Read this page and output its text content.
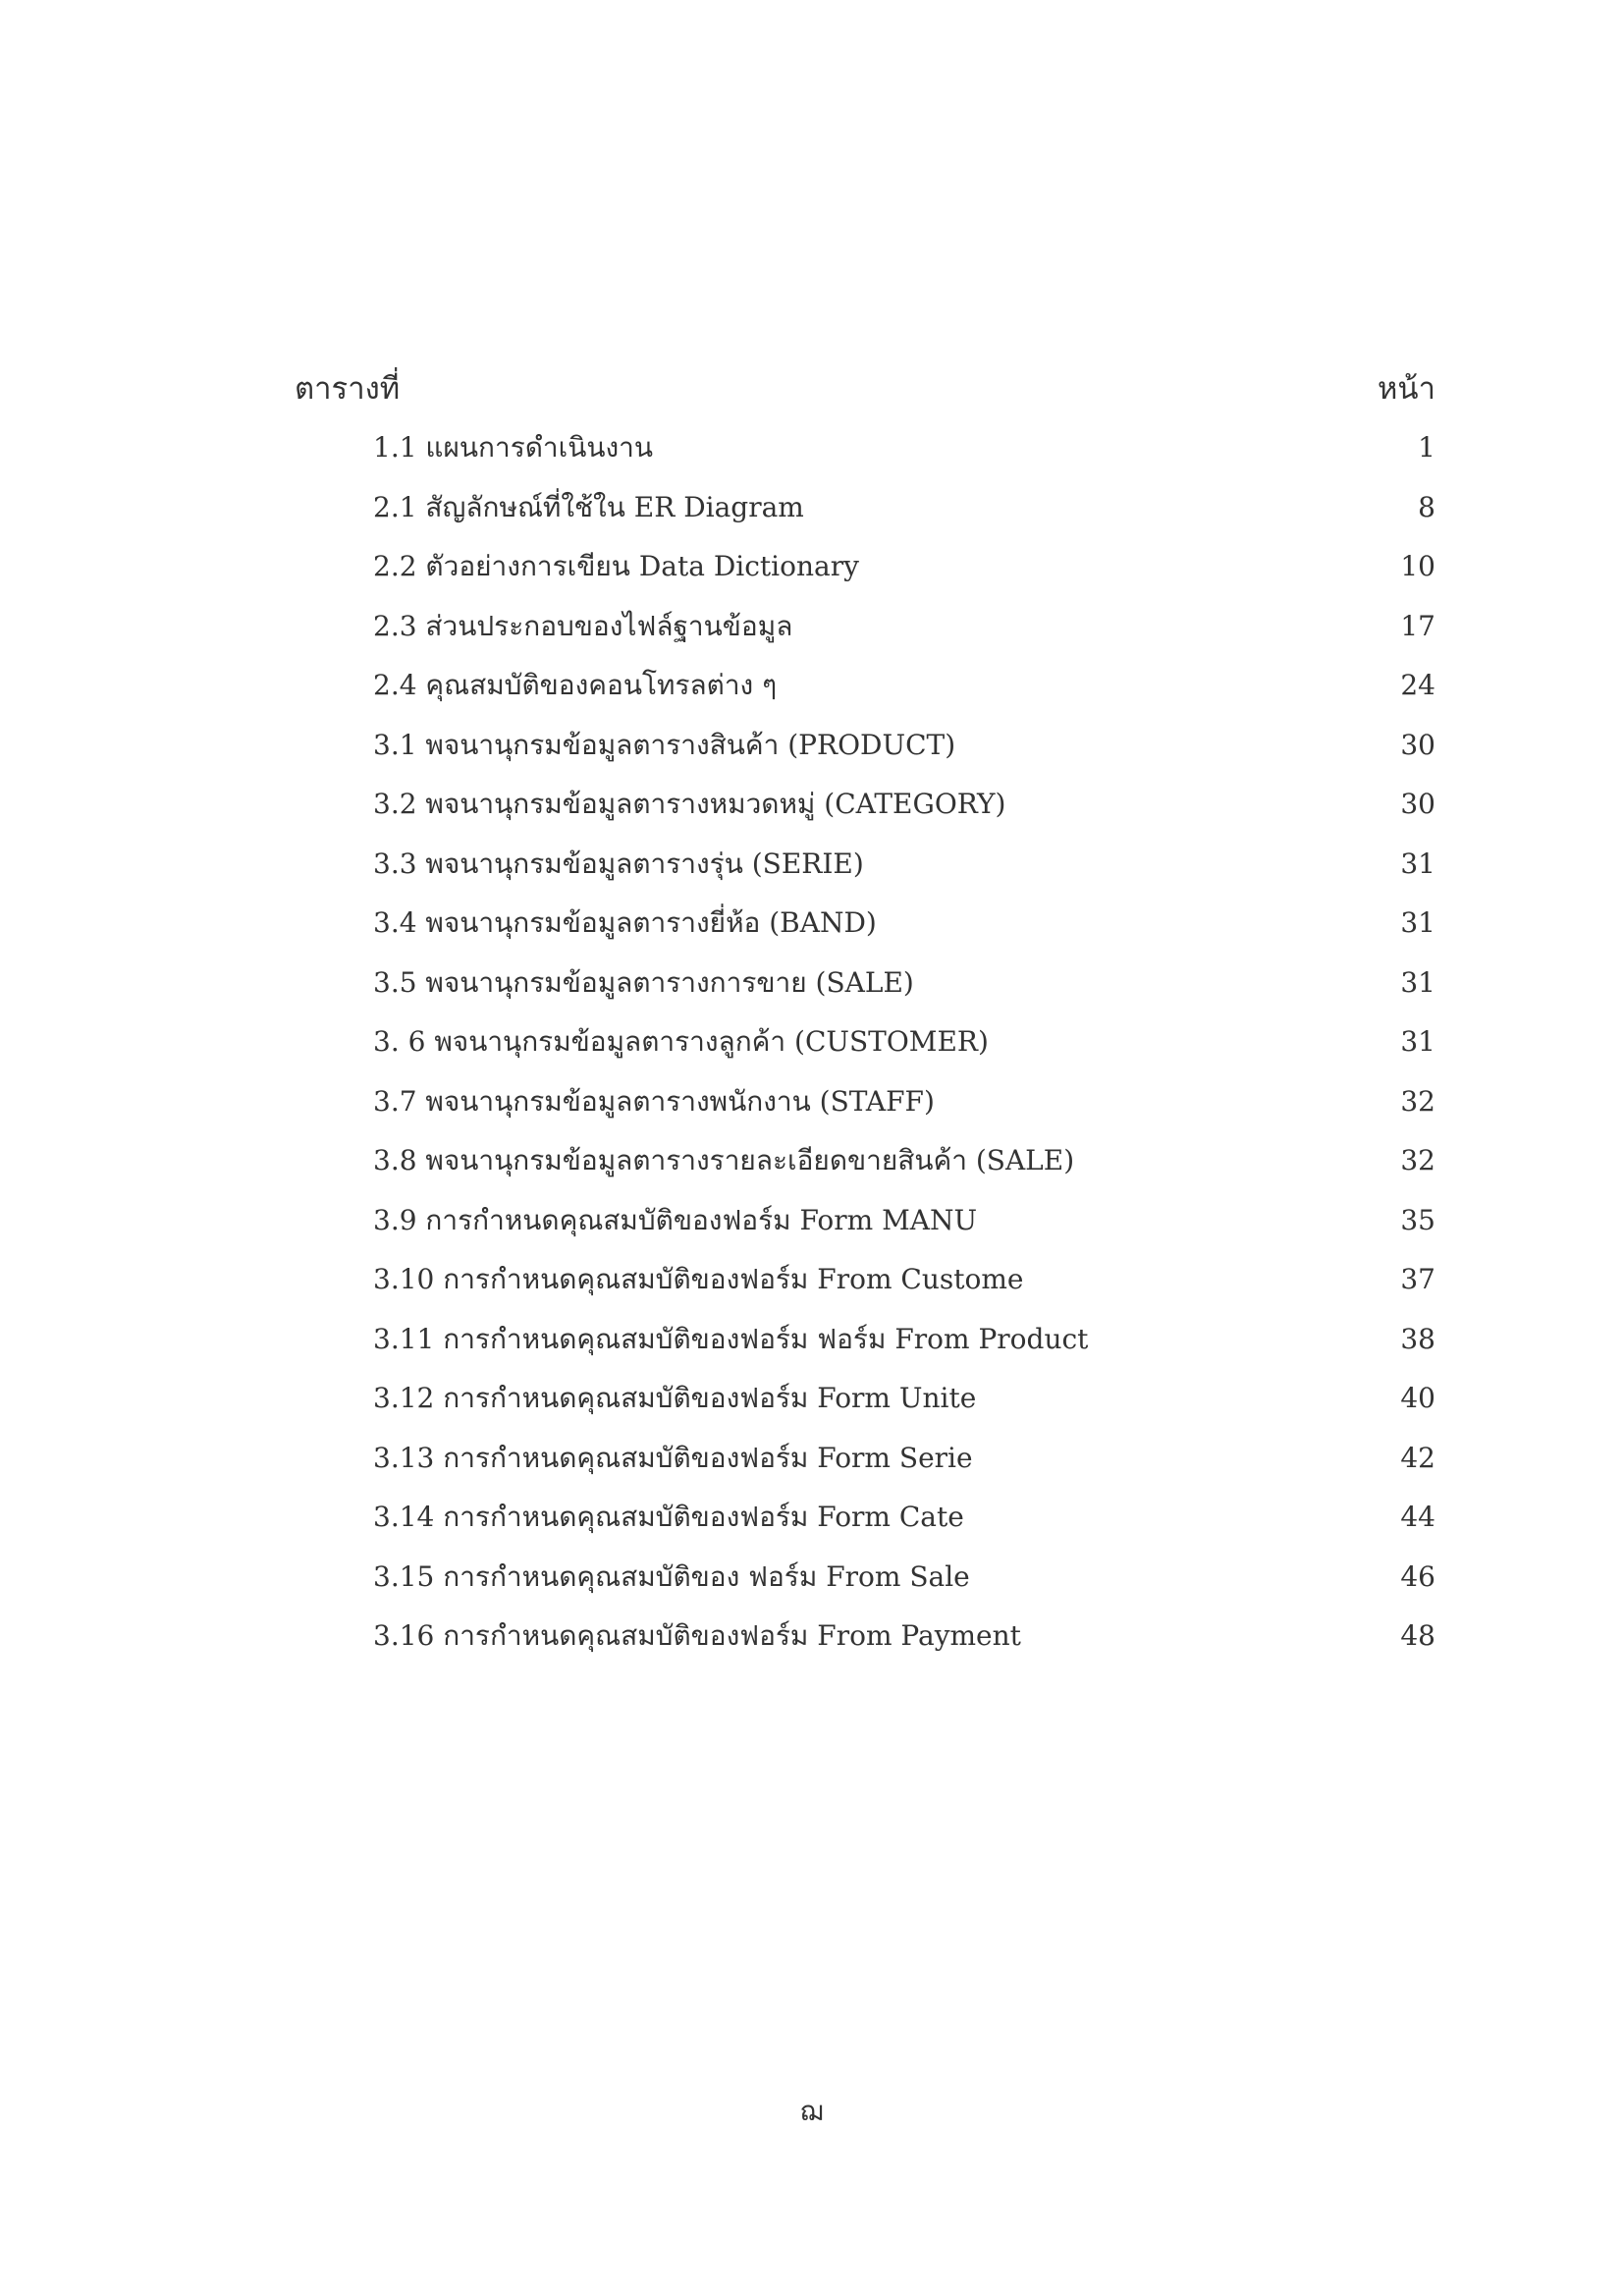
ตารางที่	หน้า
1.1 แผนการดำเนินงาน	1
2.1 สัญลักษณ์ที่ใช้ใน ER Diagram	8
2.2 ตัวอย่างการเขียน Data Dictionary	10
2.3 ส่วนประกอบของไฟล์ฐานข้อมูล	17
2.4 คุณสมบัติของคอนโทรลต่าง ๆ	24
3.1 พจนานุกรมข้อมูลตารางสินค้า (PRODUCT)	30
3.2 พจนานุกรมข้อมูลตารางหมวดหมู่ (CATEGORY)	30
3.3 พจนานุกรมข้อมูลตารางรุ่น (SERIE)	31
3.4 พจนานุกรมข้อมูลตารางยี่ห้อ (BAND)	31
3.5 พจนานุกรมข้อมูลตารางการขาย (SALE)	31
3. 6 พจนานุกรมข้อมูลตารางลูกค้า (CUSTOMER)	31
3.7 พจนานุกรมข้อมูลตารางพนักงาน (STAFF)	32
3.8 พจนานุกรมข้อมูลตารางรายละเอียดขายสินค้า (SALE)	32
3.9 การกำหนดคุณสมบัติของฟอร์ม Form MANU	35
3.10 การกำหนดคุณสมบัติของฟอร์ม From Custome	37
3.11 การกำหนดคุณสมบัติของฟอร์ม ฟอร์ม From Product	38
3.12 การกำหนดคุณสมบัติของฟอร์ม Form Unite	40
3.13 การกำหนดคุณสมบัติของฟอร์ม Form Serie	42
3.14 การกำหนดคุณสมบัติของฟอร์ม Form Cate	44
3.15 การกำหนดคุณสมบัติของ ฟอร์ม From Sale	46
3.16 การกำหนดคุณสมบัติของฟอร์ม From Payment	48
ฌ
